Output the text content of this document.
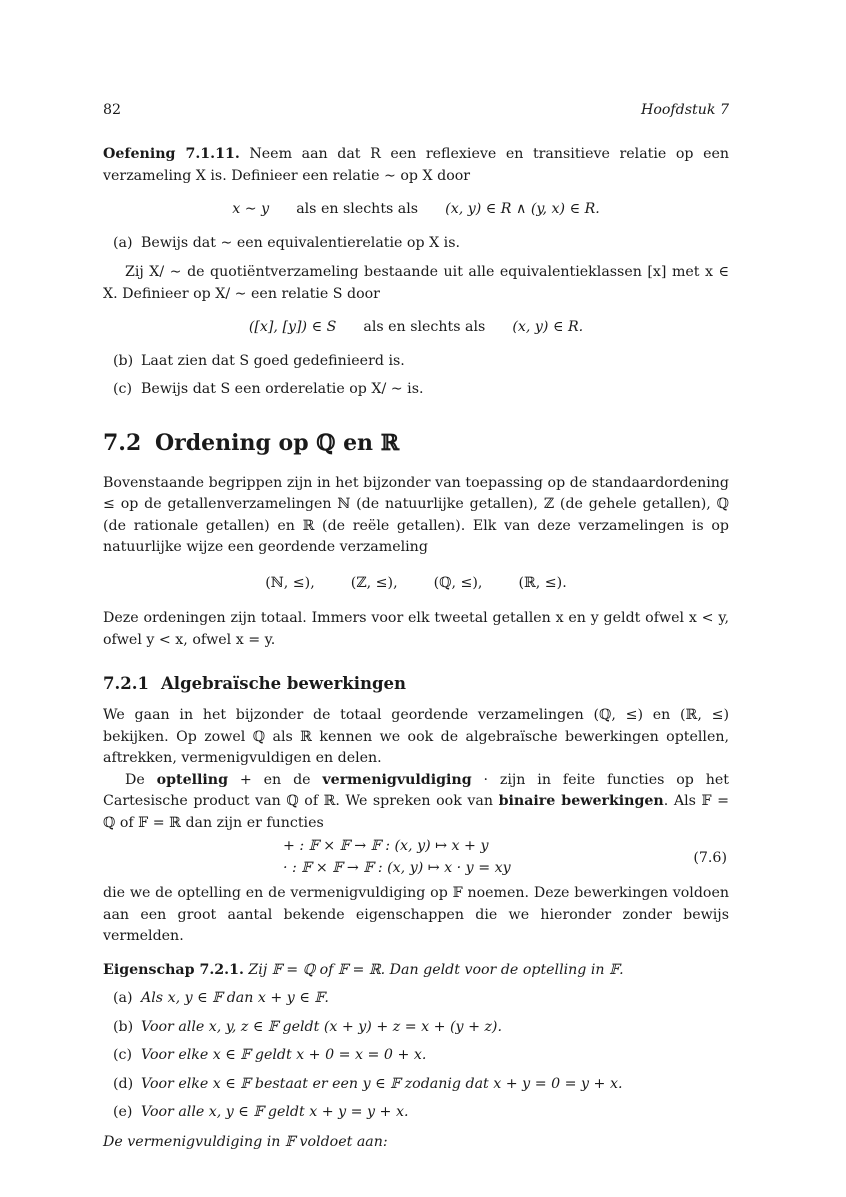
82	Hoofdstuk 7

Oefening 7.1.11. Neem aan dat R een reflexieve en transitieve relatie op een verzameling X is. Definieer een relatie ∼ op X door

x ∼ y als en slechts als (x, y) ∈ R ∧ (y, x) ∈ R.
(a) Bewijs dat ∼ een equivalentierelatie op X is.

Zij X/ ∼ de quotiëntverzameling bestaande uit alle equivalentieklassen [x] met x ∈ X. Definieer op X/ ∼ een relatie S door

([x], [y]) ∈ S als en slechts als (x, y) ∈ R.
(b) Laat zien dat S goed gedefinieerd is.
(c) Bewijs dat S een orderelatie op X/ ∼ is.
7.2 Ordening op ℚ en ℝ

Bovenstaande begrippen zijn in het bijzonder van toepassing op de standaardordening ≤ op de getallenverzamelingen ℕ (de natuurlijke getallen), ℤ (de gehele getallen), ℚ (de rationale getallen) en ℝ (de reële getallen). Elk van deze verzamelingen is op natuurlijke wijze een geordende verzameling

(ℕ, ≤),	(ℤ, ≤),	(ℚ, ≤),	(ℝ, ≤).

Deze ordeningen zijn totaal. Immers voor elk tweetal getallen x en y geldt ofwel x < y, ofwel y < x, ofwel x = y.

7.2.1 Algebraïsche bewerkingen

We gaan in het bijzonder de totaal geordende verzamelingen (ℚ, ≤) en (ℝ, ≤) bekijken. Op zowel ℚ als ℝ kennen we ook de algebraïsche bewerkingen optellen, aftrekken, vermenigvuldigen en delen.

De optelling + en de vermenigvuldiging · zijn in feite functies op het Cartesische product van ℚ of ℝ. We spreken ook van binaire bewerkingen. Als 𝔽 = ℚ of 𝔽 = ℝ dan zijn er functies

+ : 𝔽 × 𝔽 → 𝔽 : (x, y) ↦ x + y
· : 𝔽 × 𝔽 → 𝔽 : (x, y) ↦ x · y = xy
(7.6)

die we de optelling en de vermenigvuldiging op 𝔽 noemen. Deze bewerkingen voldoen aan een groot aantal bekende eigenschappen die we hieronder zonder bewijs vermelden.

Eigenschap 7.2.1. Zij 𝔽 = ℚ of 𝔽 = ℝ. Dan geldt voor de optelling in 𝔽.

(a) Als x, y ∈ 𝔽 dan x + y ∈ 𝔽.
(b) Voor alle x, y, z ∈ 𝔽 geldt (x + y) + z = x + (y + z).
(c) Voor elke x ∈ 𝔽 geldt x + 0 = x = 0 + x.
(d) Voor elke x ∈ 𝔽 bestaat er een y ∈ 𝔽 zodanig dat x + y = 0 = y + x.
(e) Voor alle x, y ∈ 𝔽 geldt x + y = y + x.

De vermenigvuldiging in 𝔽 voldoet aan:
